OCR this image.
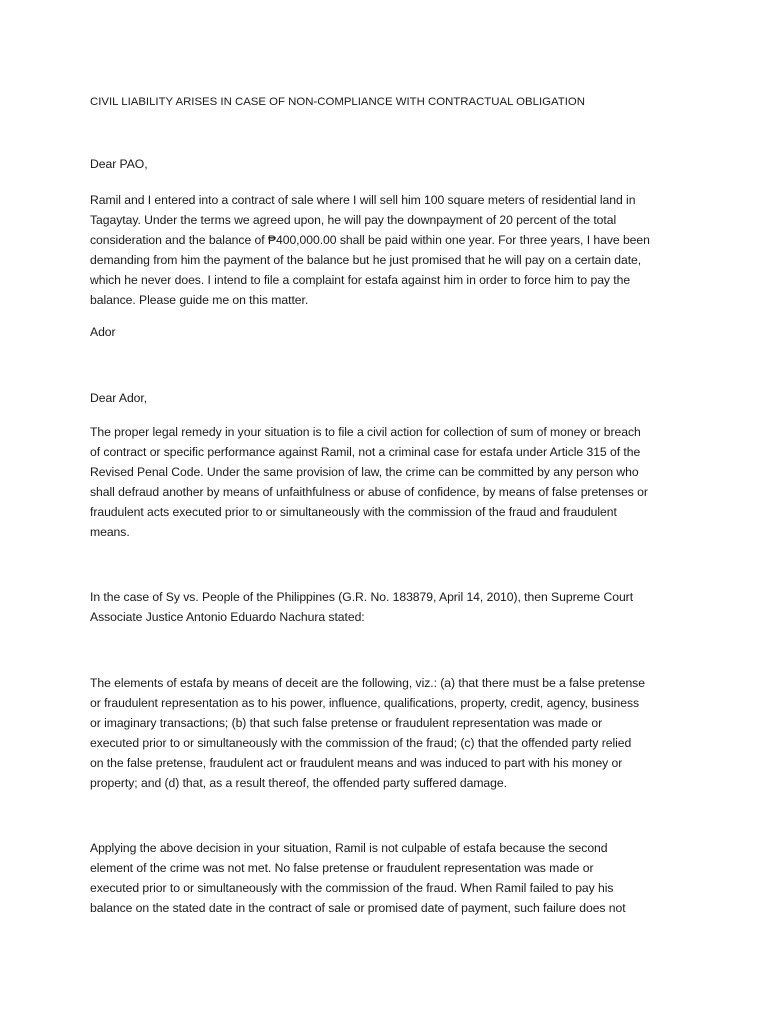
CIVIL LIABILITY ARISES IN CASE OF NON-COMPLIANCE WITH CONTRACTUAL OBLIGATION
Dear PAO,
Ramil and I entered into a contract of sale where I will sell him 100 square meters of residential land in
Tagaytay. Under the terms we agreed upon, he will pay the downpayment of 20 percent of the total
consideration and the balance of ₱400,000.00 shall be paid within one year. For three years, I have been
demanding from him the payment of the balance but he just promised that he will pay on a certain date,
which he never does. I intend to file a complaint for estafa against him in order to force him to pay the
balance. Please guide me on this matter.
Ador
Dear Ador,
The proper legal remedy in your situation is to file a civil action for collection of sum of money or breach
of contract or specific performance against Ramil, not a criminal case for estafa under Article 315 of the
Revised Penal Code. Under the same provision of law, the crime can be committed by any person who
shall defraud another by means of unfaithfulness or abuse of confidence, by means of false pretenses or
fraudulent acts executed prior to or simultaneously with the commission of the fraud and fraudulent
means.
In the case of Sy vs. People of the Philippines (G.R. No. 183879, April 14, 2010), then Supreme Court
Associate Justice Antonio Eduardo Nachura stated:
The elements of estafa by means of deceit are the following, viz.: (a) that there must be a false pretense
or fraudulent representation as to his power, influence, qualifications, property, credit, agency, business
or imaginary transactions; (b) that such false pretense or fraudulent representation was made or
executed prior to or simultaneously with the commission of the fraud; (c) that the offended party relied
on the false pretense, fraudulent act or fraudulent means and was induced to part with his money or
property; and (d) that, as a result thereof, the offended party suffered damage.
Applying the above decision in your situation, Ramil is not culpable of estafa because the second
element of the crime was not met. No false pretense or fraudulent representation was made or
executed prior to or simultaneously with the commission of the fraud. When Ramil failed to pay his
balance on the stated date in the contract of sale or promised date of payment, such failure does not
